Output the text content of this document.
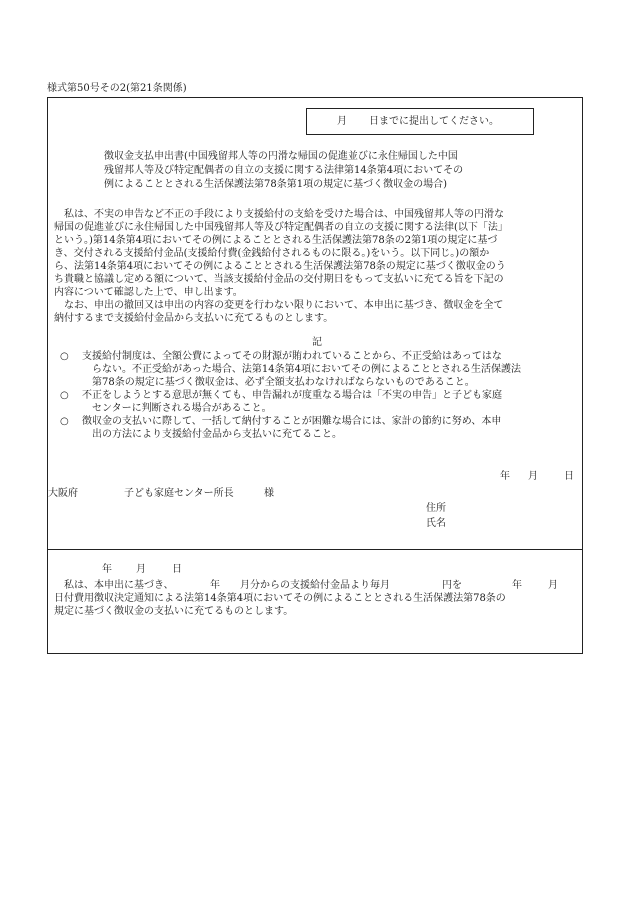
様式第50号その2(第21条関係)
月 日までに提出してください。
徴収金支払申出書(中国残留邦人等の円滑な帰国の促進並びに永住帰国した中国
残留邦人等及び特定配偶者の自立の支援に関する法律第14条第4項においてその
例によることとされる生活保護法第78条第1項の規定に基づく徴収金の場合)
　私は、不実の申告など不正の手段により支援給付の支給を受けた場合は、中国残留邦人等の円滑な
帰国の促進並びに永住帰国した中国残留邦人等及び特定配偶者の自立の支援に関する法律(以下「法」
という。)第14条第4項においてその例によることとされる生活保護法第78条の2第1項の規定に基づ
き、交付される支援給付金品(支援給付費(金銭給付されるものに限る。)をいう。以下同じ。)の額か
ら、法第14条第4項においてその例によることとされる生活保護法第78条の規定に基づく徴収金のう
ち貴職と協議し定める額について、当該支援給付金品の交付期日をもって支払いに充てる旨を下記の
内容について確認した上で、申し出ます。
　なお、申出の撤回又は申出の内容の変更を行わない限りにおいて、本申出に基づき、徴収金を全て
納付するまで支援給付金品から支払いに充てるものとします。
記
○ 支援給付制度は、全額公費によってその財源が賄われていることから、不正受給はあってはな
らない。不正受給があった場合、法第14条第4項においてその例によることとされる生活保護法
第78条の規定に基づく徴収金は、必ず全額支払わなければならないものであること。
○ 不正をしようとする意思が無くても、申告漏れが度重なる場合は「不実の申告」と子ども家庭
センターに判断される場合があること。
○ 徴収金の支払いに際して、一括して納付することが困難な場合には、家計の節約に努め、本申
出の方法により支援給付金品から支払いに充てること。
年 月	日
大阪府	子ども家庭センター所長	様
住所
氏名
年 月	日
　私は、本申出に基づき、	年 月分からの支援給付金品より毎月	円を	年	月
日付費用徴収決定通知による法第14条第4項においてその例によることとされる生活保護法第78条の
規定に基づく徴収金の支払いに充てるものとします。
